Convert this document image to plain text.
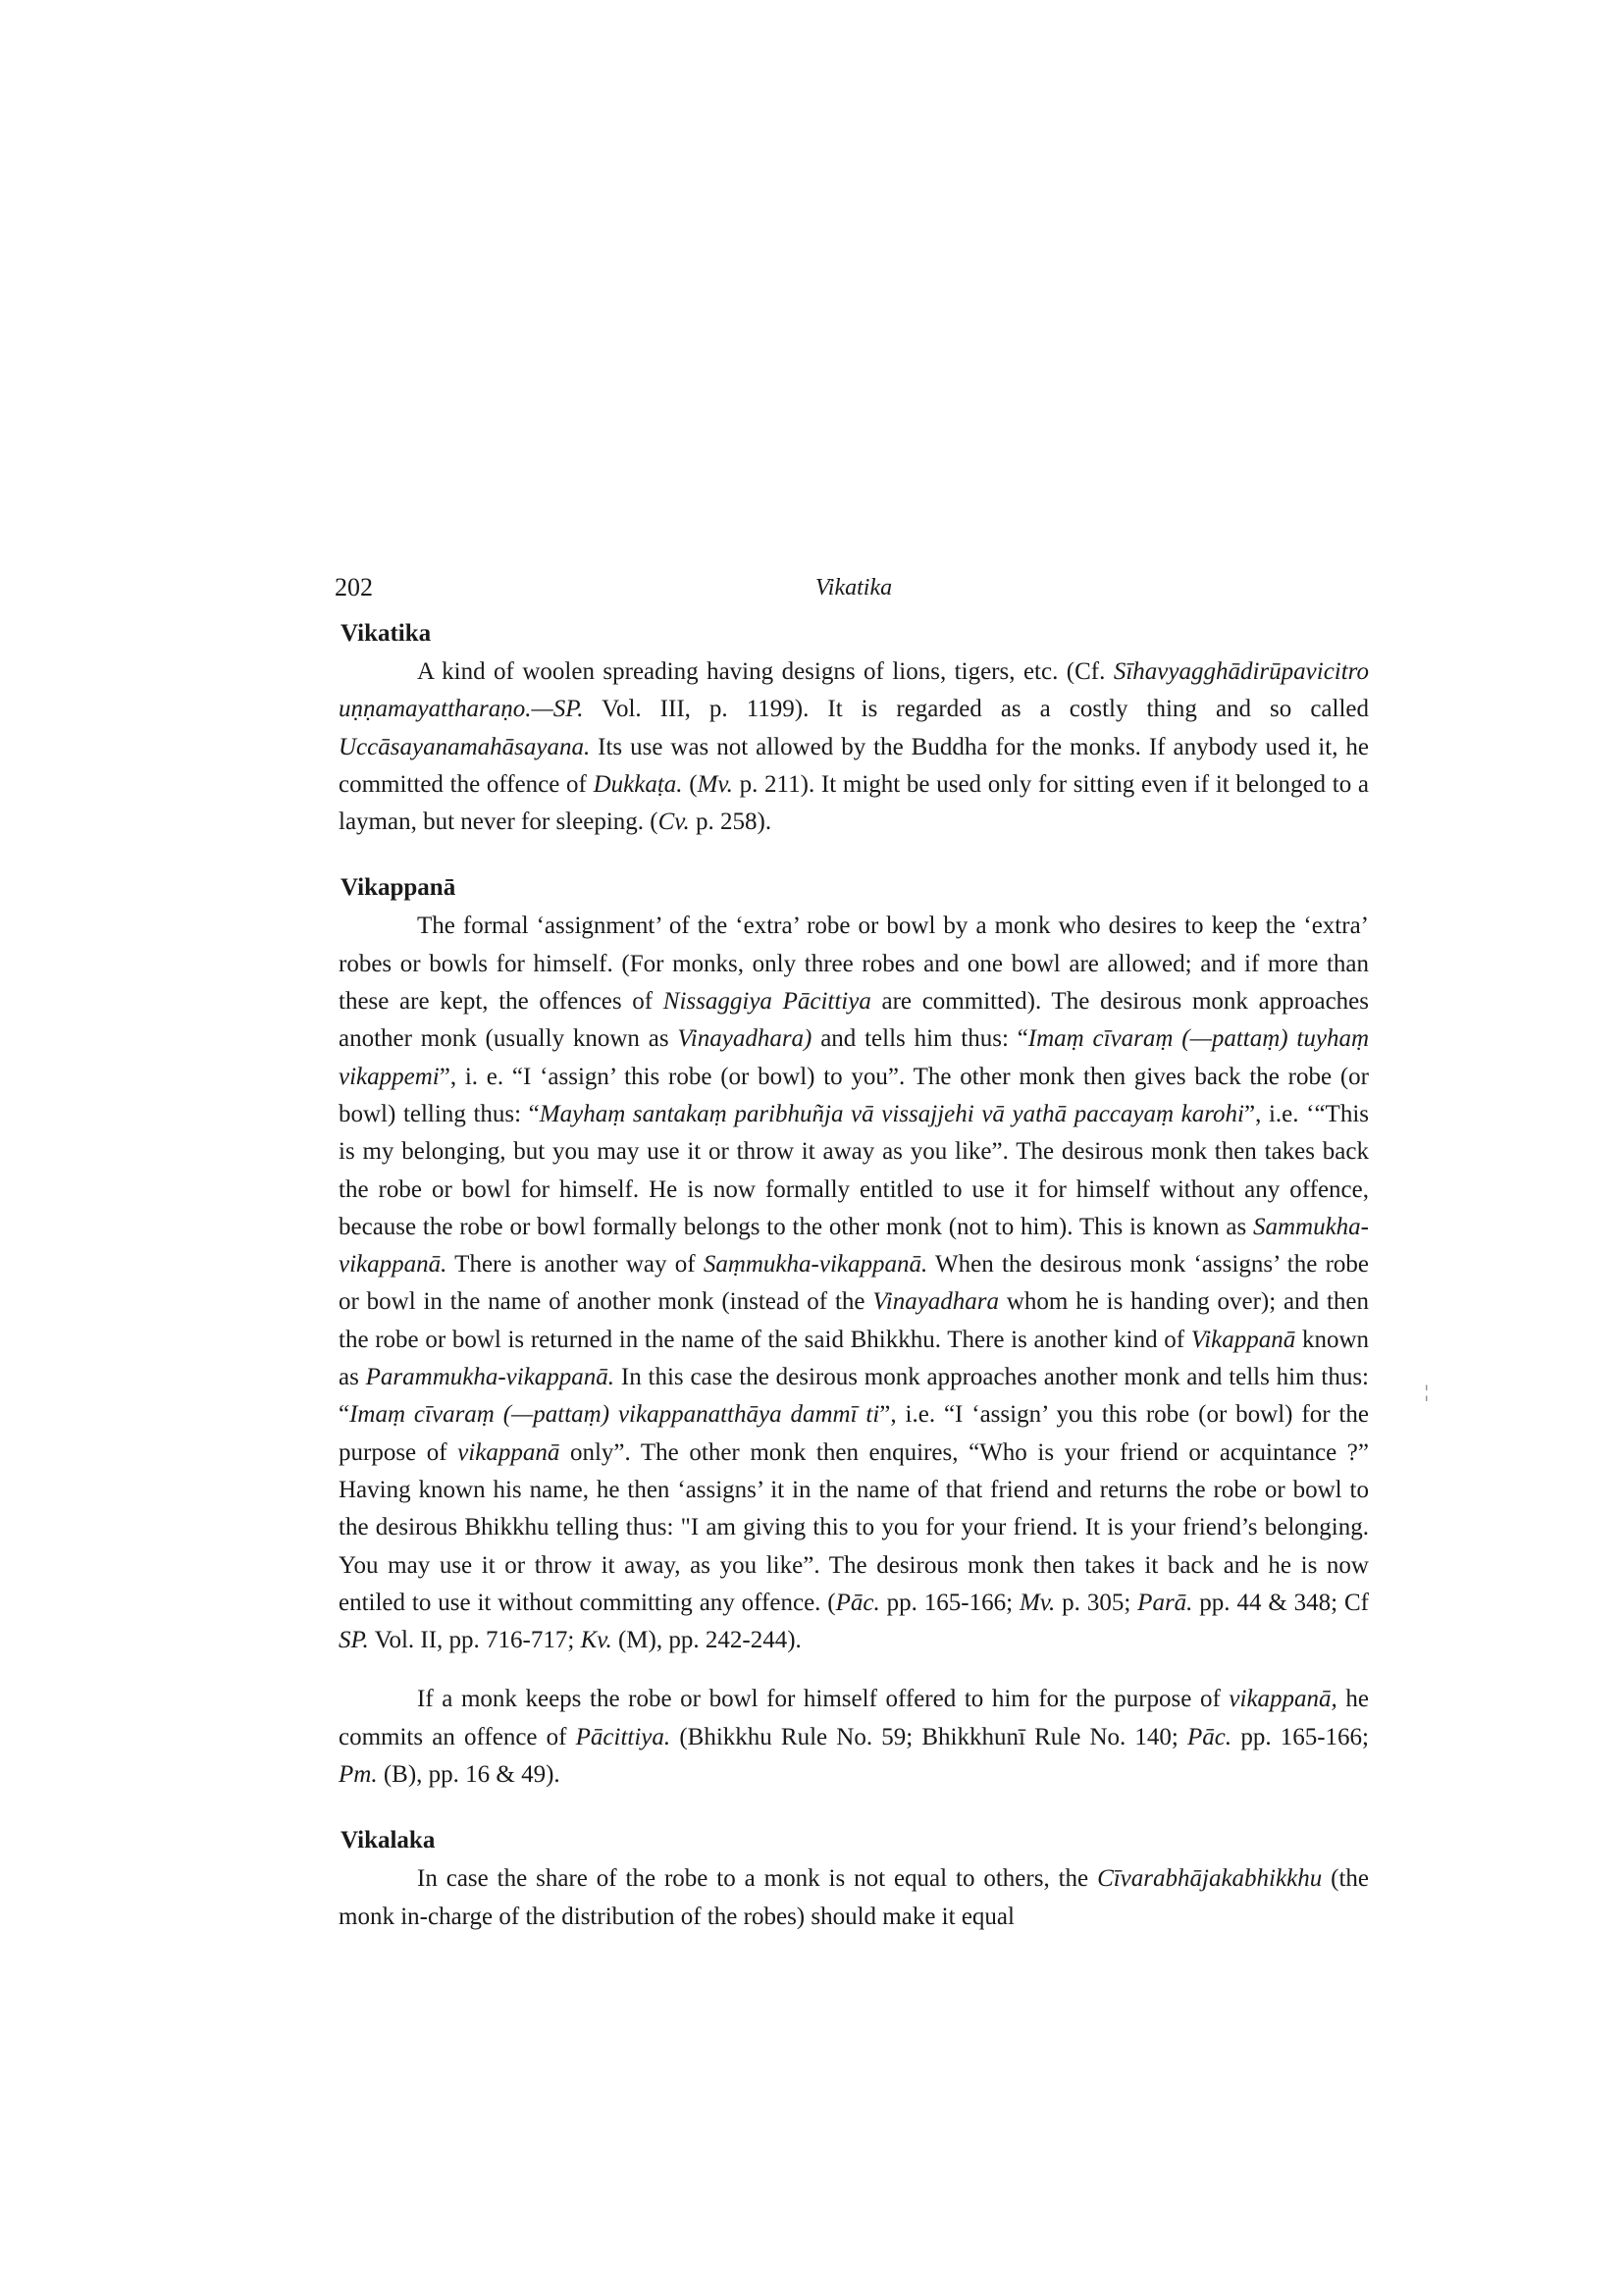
202	Vikatika
Vikatika

A kind of woolen spreading having designs of lions, tigers, etc. (Cf. Sīhavyagghādirūpavicitro uṇṇamayattharaṇo.—SP. Vol. III, p. 1199). It is regarded as a costly thing and so called Uccāsayanamahāsayana. Its use was not allowed by the Buddha for the monks. If anybody used it, he committed the offence of Dukkaṭa. (Mv. p. 211). It might be used only for sitting even if it belonged to a layman, but never for sleeping. (Cv. p. 258).

Vikappanā

The formal ‘assignment’ of the ‘extra’ robe or bowl by a monk who desires to keep the ‘extra’ robes or bowls for himself. (For monks, only three robes and one bowl are allowed; and if more than these are kept, the offences of Nissaggiya Pācittiya are committed). The desirous monk approaches another monk (usually known as Vinayadhara) and tells him thus: “Imaṃ cīvaraṃ (—pattaṃ) tuyhaṃ vikappemi”, i. e. “I ‘assign’ this robe (or bowl) to you”. The other monk then gives back the robe (or bowl) telling thus: “Mayhaṃ santakaṃ paribhuñja vā vissajjehi vā yathā paccayaṃ karohi”, i.e. ‘“This is my belonging, but you may use it or throw it away as you like”. The desirous monk then takes back the robe or bowl for himself. He is now formally entitled to use it for himself without any offence, because the robe or bowl formally belongs to the other monk (not to him). This is known as Sammukha-vikappanā. There is another way of Saṃmukha-vikappanā. When the desirous monk ‘assigns’ the robe or bowl in the name of another monk (instead of the Vinayadhara whom he is handing over); and then the robe or bowl is returned in the name of the said Bhikkhu. There is another kind of Vikappanā known as Parammukha-vikappanā. In this case the desirous monk approaches another monk and tells him thus: “Imaṃ cīvaraṃ (—pattaṃ) vikappanatthāya dammī ti”, i.e. “I ‘assign’ you this robe (or bowl) for the purpose of vikappanā only”. The other monk then enquires, “Who is your friend or acquintance ?” Having known his name, he then ‘assigns’ it in the name of that friend and returns the robe or bowl to the desirous Bhikkhu telling thus: "I am giving this to you for your friend. It is your friend’s belonging. You may use it or throw it away, as you like”. The desirous monk then takes it back and he is now entiled to use it without committing any offence. (Pāc. pp. 165-166; Mv. p. 305; Parā. pp. 44 & 348; Cf SP. Vol. II, pp. 716-717; Kv. (M), pp. 242-244).

If a monk keeps the robe or bowl for himself offered to him for the purpose of vikappanā, he commits an offence of Pācittiya. (Bhikkhu Rule No. 59; Bhikkhunī Rule No. 140; Pāc. pp. 165-166; Pm. (B), pp. 16 & 49).

Vikalaka

In case the share of the robe to a monk is not equal to others, the Cīvarabhājakabhikkhu (the monk in-charge of the distribution of the robes) should make it equal

¦
